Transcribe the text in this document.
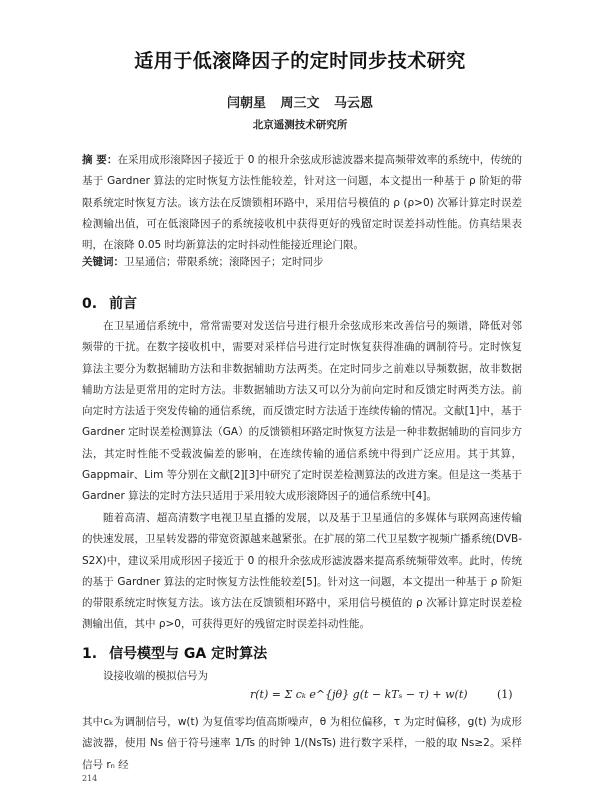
适用于低滚降因子的定时同步技术研究
闫朝星 周三文 马云恩
北京遥测技术研究所
摘 要：在采用成形滚降因子接近于 0 的根升余弦成形滤波器来提高频带效率的系统中，传统的基于 Gardner 算法的定时恢复方法性能较差，针对这一问题，本文提出一种基于 ρ 阶矩的带限系统定时恢复方法。该方法在反馈锁相环路中，采用信号模值的 ρ (ρ>0) 次幂计算定时误差检测输出值，可在低滚降因子的系统接收机中获得更好的残留定时误差抖动性能。仿真结果表明，在滚降 0.05 时均新算法的定时抖动性能接近理论门限。
关键词：卫星通信；带限系统；滚降因子；定时同步
0. 前言
在卫星通信系统中，常常需要对发送信号进行根升余弦成形来改善信号的频谱，降低对邻频带的干扰。在数字接收机中，需要对采样信号进行定时恢复获得准确的调制符号。定时恢复算法主要分为数据辅助方法和非数据辅助方法两类。在定时同步之前难以导频数据，故非数据辅助方法是更常用的定时方法。非数据辅助方法又可以分为前向定时和反馈定时两类方法。前向定时方法适于突发传输的通信系统，而反馈定时方法适于连续传输的情况。文献[1]中，基于 Gardner 定时误差检测算法（GA）的反馈锁相环路定时恢复方法是一种非数据辅助的盲同步方法，其定时性能不受载波偏差的影响，在连续传输的通信系统中得到广泛应用。其于其算，Gappmair、Lim 等分别在文献[2][3]中研究了定时误差检测算法的改进方案。但是这一类基于 Gardner 算法的定时方法只适用于采用较大成形滚降因子的通信系统中[4]。
随着高清、超高清数字电视卫星直播的发展，以及基于卫星通信的多媒体与联网高速传输的快速发展，卫星转发器的带宽资源越来越紧张。在扩展的第二代卫星数字视频广播系统(DVB-S2X)中，建议采用成形因子接近于 0 的根升余弦成形滤波器来提高系统频带效率。此时，传统的基于 Gardner 算法的定时恢复方法性能较差[5]。针对这一问题，本文提出一种基于 ρ 阶矩的带限系统定时恢复方法。该方法在反馈锁相环路中，采用信号模值的 ρ 次幂计算定时误差检测输出值，其中 ρ>0，可获得更好的残留定时误差抖动性能。
1. 信号模型与 GA 定时算法
设接收端的模拟信号为
r(t) = Σ cₖ e^{jθ} g(t − kTₛ − τ) + w(t)	(1)
其中cₖ为调制信号，w(t) 为复值零均值高斯噪声，θ 为相位偏移，τ 为定时偏移，g(t) 为成形滤波器，使用 Ns 倍于符号速率 1/Ts 的时钟 1/(NsTs) 进行数字采样，一般的取 Ns≥2。采样信号 rₙ 经
214
